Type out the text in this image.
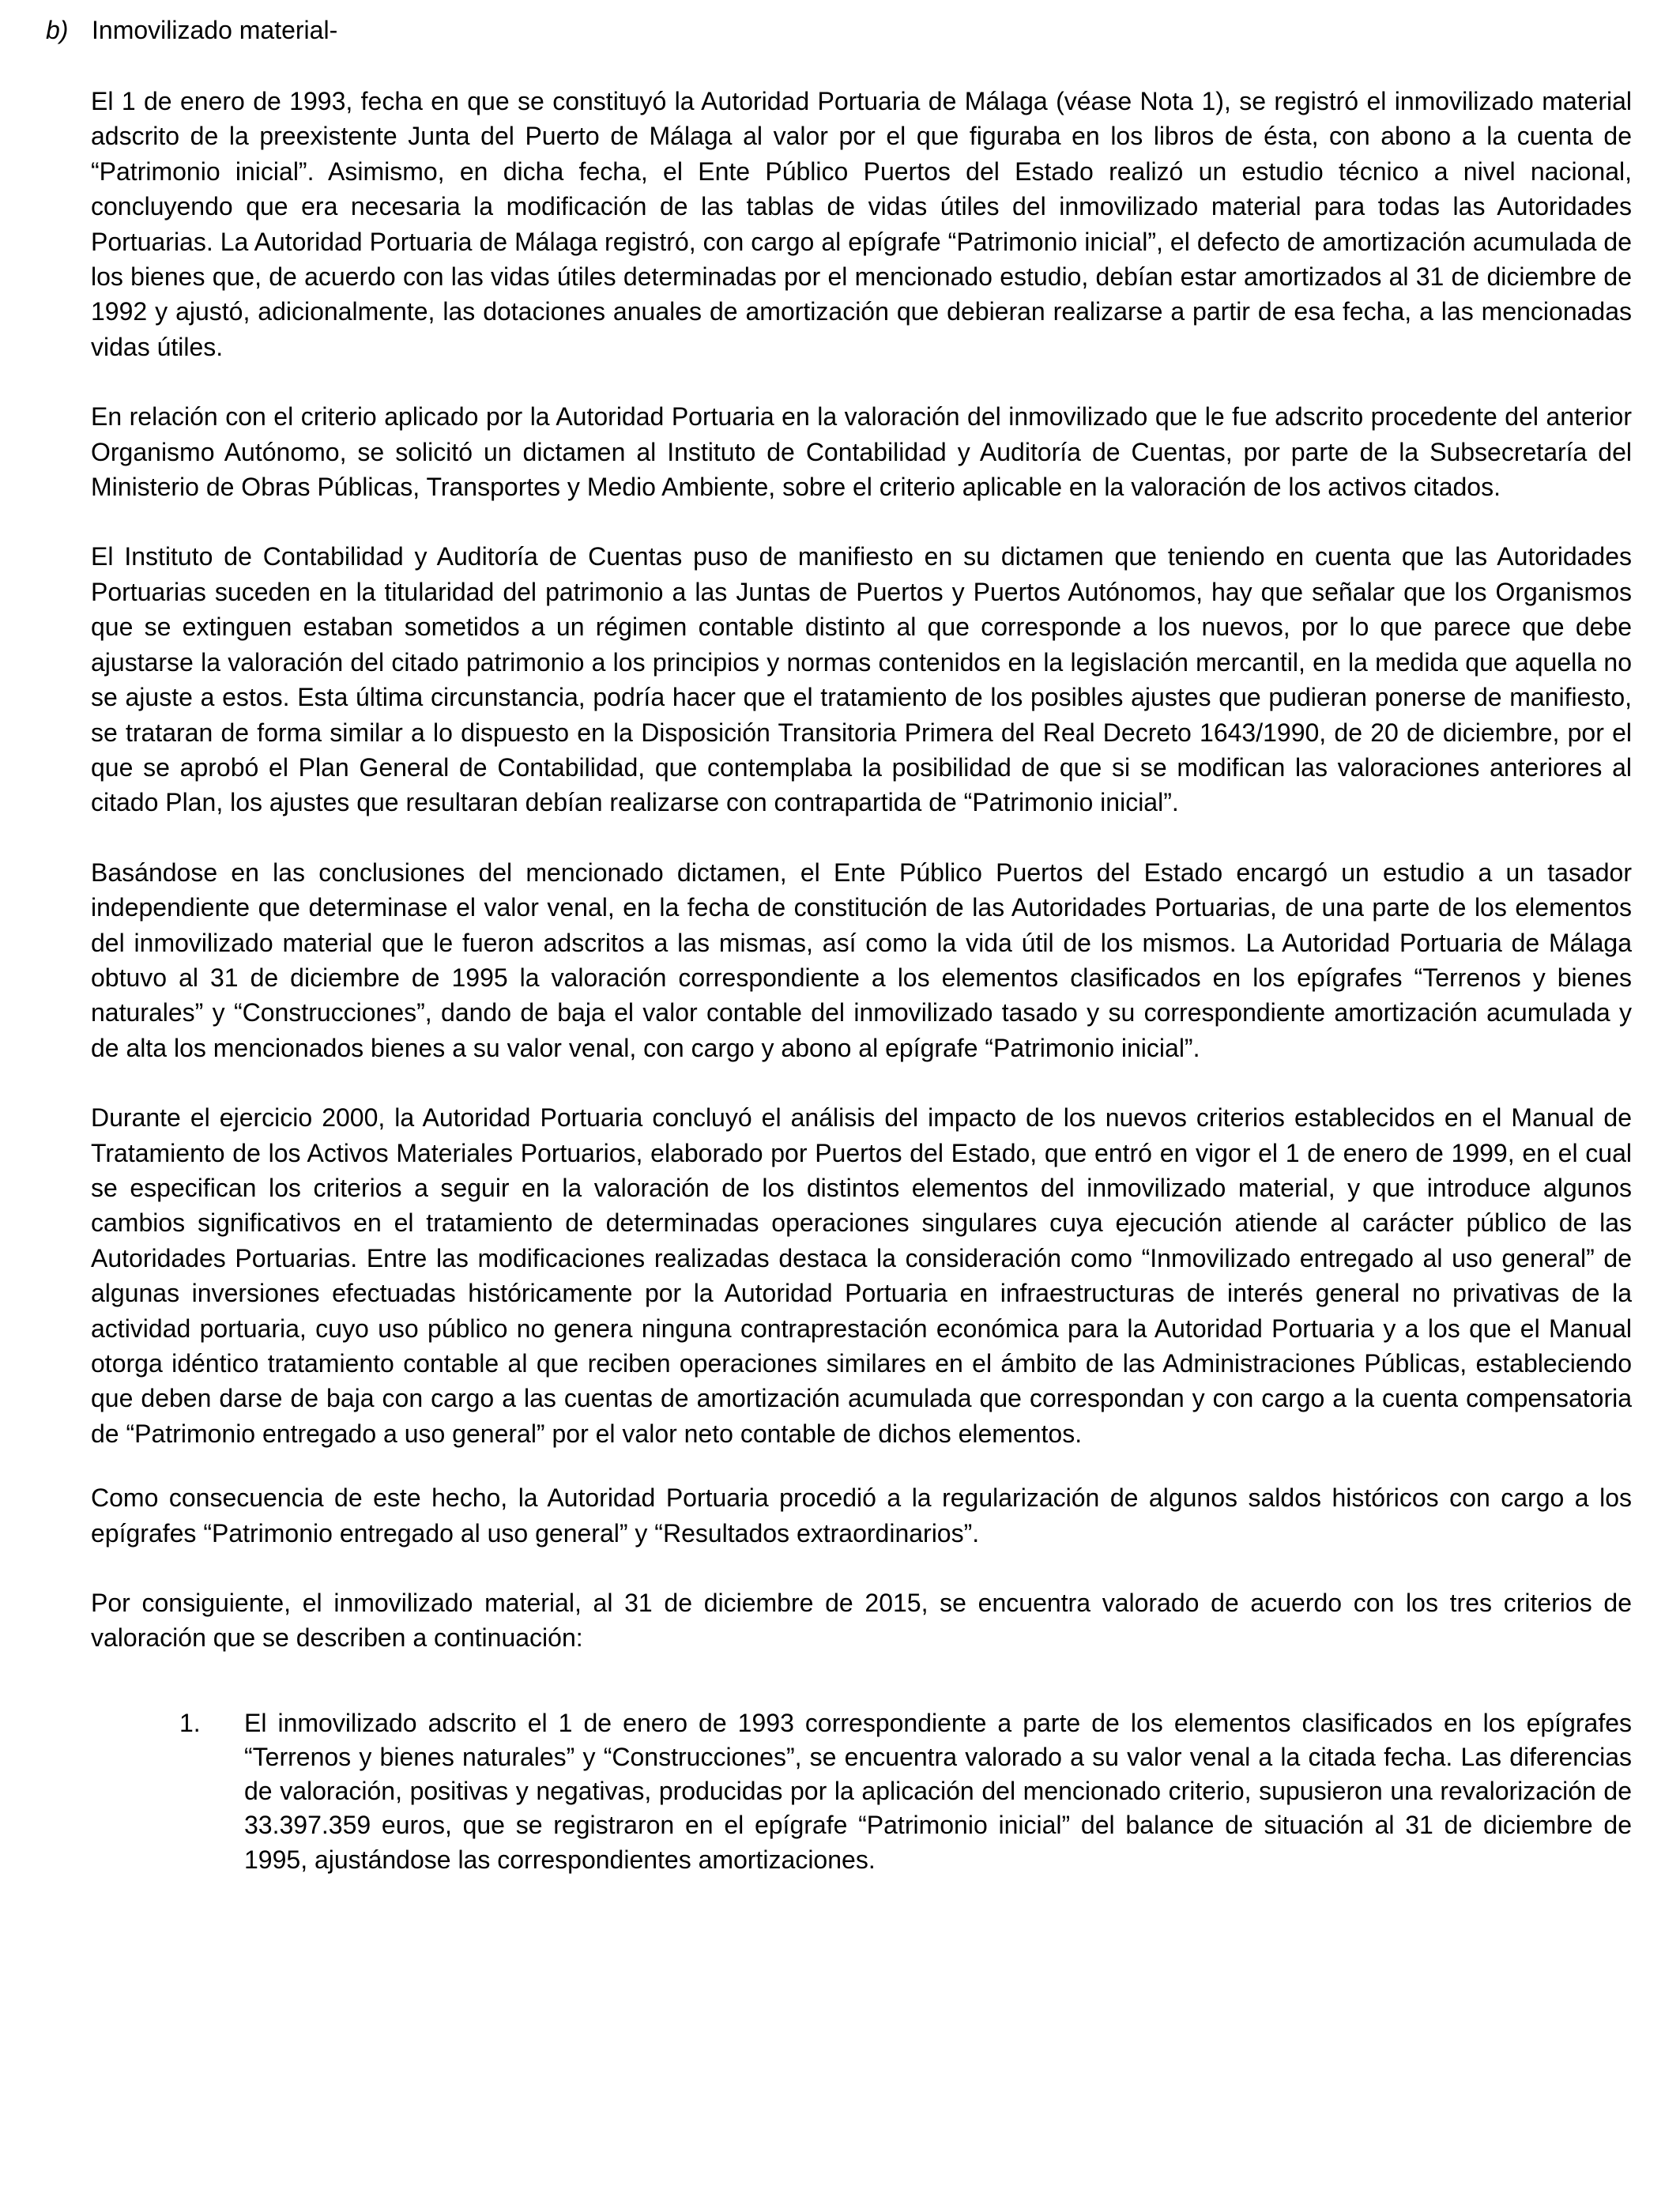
b) Inmovilizado material-

El 1 de enero de 1993, fecha en que se constituyó la Autoridad Portuaria de Málaga (véase Nota 1), se registró el inmovilizado material adscrito de la preexistente Junta del Puerto de Málaga al valor por el que figuraba en los libros de ésta, con abono a la cuenta de “Patrimonio inicial”. Asimismo, en dicha fecha, el Ente Público Puertos del Estado realizó un estudio técnico a nivel nacional, concluyendo que era necesaria la modificación de las tablas de vidas útiles del inmovilizado material para todas las Autoridades Portuarias. La Autoridad Portuaria de Málaga registró, con cargo al epígrafe “Patrimonio inicial”, el defecto de amortización acumulada de los bienes que, de acuerdo con las vidas útiles determinadas por el mencionado estudio, debían estar amortizados al 31 de diciembre de 1992 y ajustó, adicionalmente, las dotaciones anuales de amortización que debieran realizarse a partir de esa fecha, a las mencionadas vidas útiles.

En relación con el criterio aplicado por la Autoridad Portuaria en la valoración del inmovilizado que le fue adscrito procedente del anterior Organismo Autónomo, se solicitó un dictamen al Instituto de Contabilidad y Auditoría de Cuentas, por parte de la Subsecretaría del Ministerio de Obras Públicas, Transportes y Medio Ambiente, sobre el criterio aplicable en la valoración de los activos citados.

El Instituto de Contabilidad y Auditoría de Cuentas puso de manifiesto en su dictamen que teniendo en cuenta que las Autoridades Portuarias suceden en la titularidad del patrimonio a las Juntas de Puertos y Puertos Autónomos, hay que señalar que los Organismos que se extinguen estaban sometidos a un régimen contable distinto al que corresponde a los nuevos, por lo que parece que debe ajustarse la valoración del citado patrimonio a los principios y normas contenidos en la legislación mercantil, en la medida que aquella no se ajuste a estos. Esta última circunstancia, podría hacer que el tratamiento de los posibles ajustes que pudieran ponerse de manifiesto, se trataran de forma similar a lo dispuesto en la Disposición Transitoria Primera del Real Decreto 1643/1990, de 20 de diciembre, por el que se aprobó el Plan General de Contabilidad, que contemplaba la posibilidad de que si se modifican las valoraciones anteriores al citado Plan, los ajustes que resultaran debían realizarse con contrapartida de “Patrimonio inicial”.

Basándose en las conclusiones del mencionado dictamen, el Ente Público Puertos del Estado encargó un estudio a un tasador independiente que determinase el valor venal, en la fecha de constitución de las Autoridades Portuarias, de una parte de los elementos del inmovilizado material que le fueron adscritos a las mismas, así como la vida útil de los mismos. La Autoridad Portuaria de Málaga obtuvo al 31 de diciembre de 1995 la valoración correspondiente a los elementos clasificados en los epígrafes “Terrenos y bienes naturales” y “Construcciones”, dando de baja el valor contable del inmovilizado tasado y su correspondiente amortización acumulada y de alta los mencionados bienes a su valor venal, con cargo y abono al epígrafe “Patrimonio inicial”.

Durante el ejercicio 2000, la Autoridad Portuaria concluyó el análisis del impacto de los nuevos criterios establecidos en el Manual de Tratamiento de los Activos Materiales Portuarios, elaborado por Puertos del Estado, que entró en vigor el 1 de enero de 1999, en el cual se especifican los criterios a seguir en la valoración de los distintos elementos del inmovilizado material, y que introduce algunos cambios significativos en el tratamiento de determinadas operaciones singulares cuya ejecución atiende al carácter público de las Autoridades Portuarias. Entre las modificaciones realizadas destaca la consideración como “Inmovilizado entregado al uso general” de algunas inversiones efectuadas históricamente por la Autoridad Portuaria en infraestructuras de interés general no privativas de la actividad portuaria, cuyo uso público no genera ninguna contraprestación económica para la Autoridad Portuaria y a los que el Manual otorga idéntico tratamiento contable al que reciben operaciones similares en el ámbito de las Administraciones Públicas, estableciendo que deben darse de baja con cargo a las cuentas de amortización acumulada que correspondan y con cargo a la cuenta compensatoria de “Patrimonio entregado a uso general” por el valor neto contable de dichos elementos.

Como consecuencia de este hecho, la Autoridad Portuaria procedió a la regularización de algunos saldos históricos con cargo a los epígrafes “Patrimonio entregado al uso general” y “Resultados extraordinarios”.

Por consiguiente, el inmovilizado material, al 31 de diciembre de 2015, se encuentra valorado de acuerdo con los tres criterios de valoración que se describen a continuación:

1. El inmovilizado adscrito el 1 de enero de 1993 correspondiente a parte de los elementos clasificados en los epígrafes “Terrenos y bienes naturales” y “Construcciones”, se encuentra valorado a su valor venal a la citada fecha. Las diferencias de valoración, positivas y negativas, producidas por la aplicación del mencionado criterio, supusieron una revalorización de 33.397.359 euros, que se registraron en el epígrafe “Patrimonio inicial” del balance de situación al 31 de diciembre de 1995, ajustándose las correspondientes amortizaciones.
